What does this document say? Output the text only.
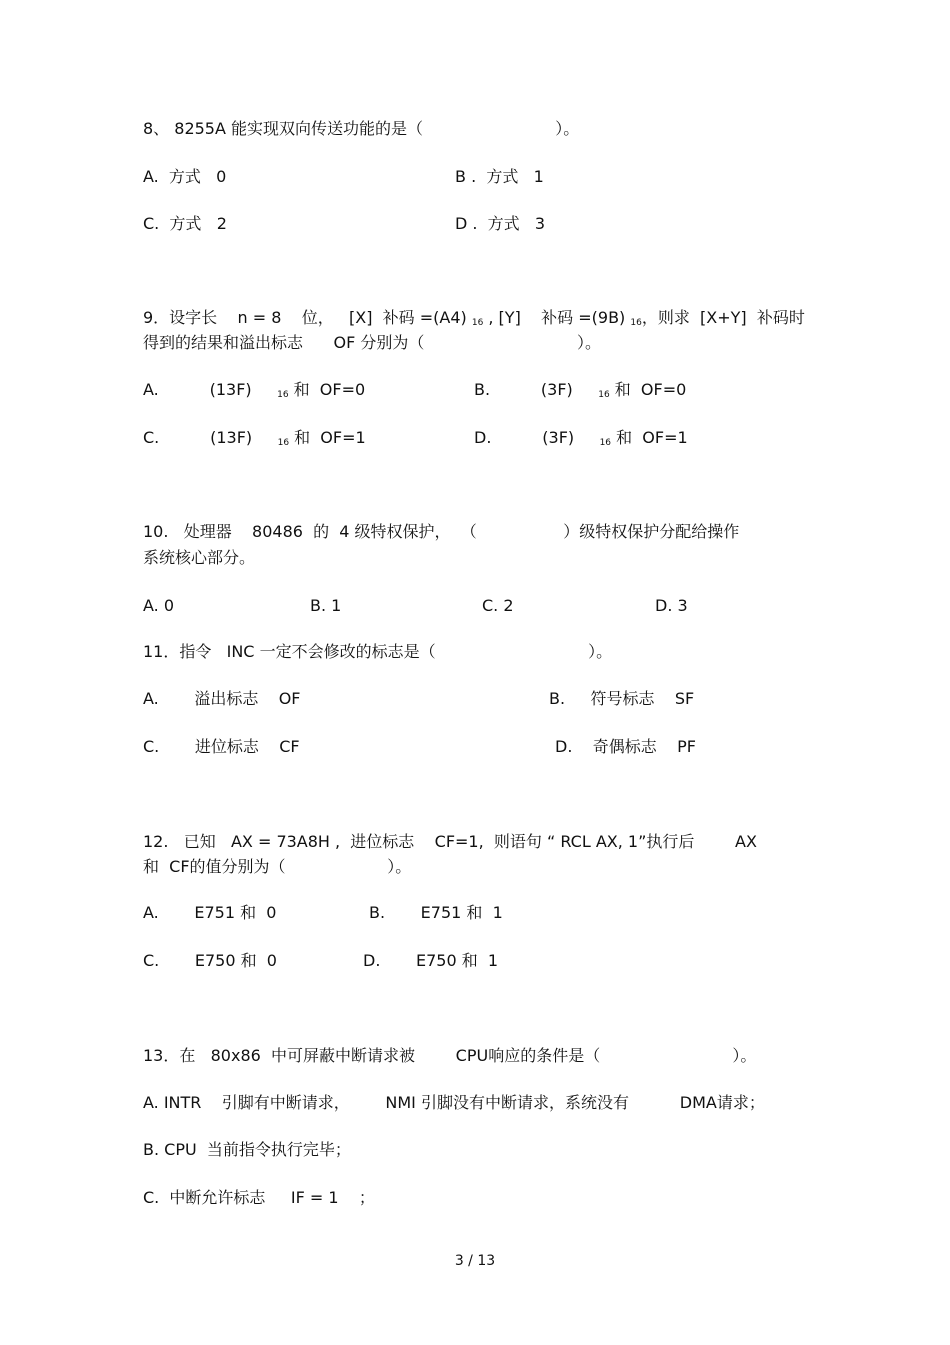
8、 8255A 能实现双向传送功能的是（                          ）。
A.  方式   0	B .  方式   1
C.  方式   2	D .  方式   3
9．设字长    n = 8    位，   [X]  补码 =(A4) $_{16}$ , [Y]    补码 =(9B) $_{16}$，则求  [X+Y]  补码时
得到的结果和溢出标志      OF 分别为（                              ）。
A.          (13F)     $_{16}$ 和  OF=0	B.          (3F)     $_{16}$ 和  OF=0
C.          (13F)     $_{16}$ 和  OF=1	D.          (3F)     $_{16}$ 和  OF=1
10.   处理器    80486  的  4 级特权保护，  （                 ）级特权保护分配给操作
系统核心部分。
A. 0	B. 1	C. 2	D. 3
11．指令   INC 一定不会修改的标志是（                              ）。
A.       溢出标志    OF	B.     符号标志    SF
C.       进位标志    CF	D.    奇偶标志    PF
12.   已知   AX = 73A8H ,  进位标志    CF=1,  则语句 “ RCL AX, 1”执行后        AX
和  CF的值分别为（                    ）。
A.       E751 和  0	B.       E751 和  1
C.       E750 和  0	D.       E750 和  1
13．在   80x86  中可屏蔽中断请求被        CPU响应的条件是（                          ）。
A. INTR    引脚有中断请求，       NMI 引脚没有中断请求，系统没有          DMA请求；
B. CPU  当前指令执行完毕；
C.  中断允许标志     IF = 1    ；
3 / 13
